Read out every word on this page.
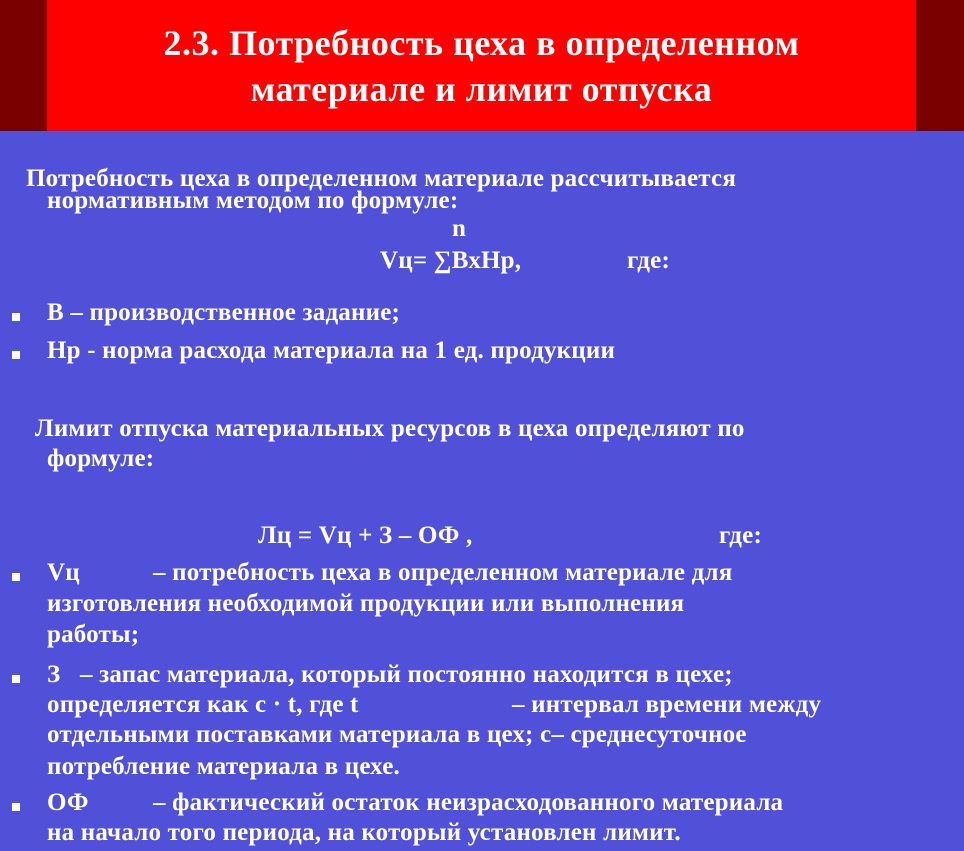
2.3. Потребность цеха в определенном
материале и лимит отпуска
Потребность цеха в определенном материале рассчитывается
нормативным методом по формуле:
n
Vц= ∑ВхНр,	где:
В – производственное задание;
Нр - норма расхода материала на 1 ед. продукции
Лимит отпуска материальных ресурсов в цеха определяют по
формуле:
Лц = Vц + З – ОФ ,	где:
Vц	– потребность цеха в определенном материале для
изготовления необходимой продукции или выполнения
работы;
З – запас материала, который постоянно находится в цехе;
определяется как с · t, где t	– интервал времени между
отдельными поставками материала в цех; с– среднесуточное
потребление материала в цехе.
ОФ	– фактический остаток неизрасходованного материала
на начало того периода, на который установлен лимит.
